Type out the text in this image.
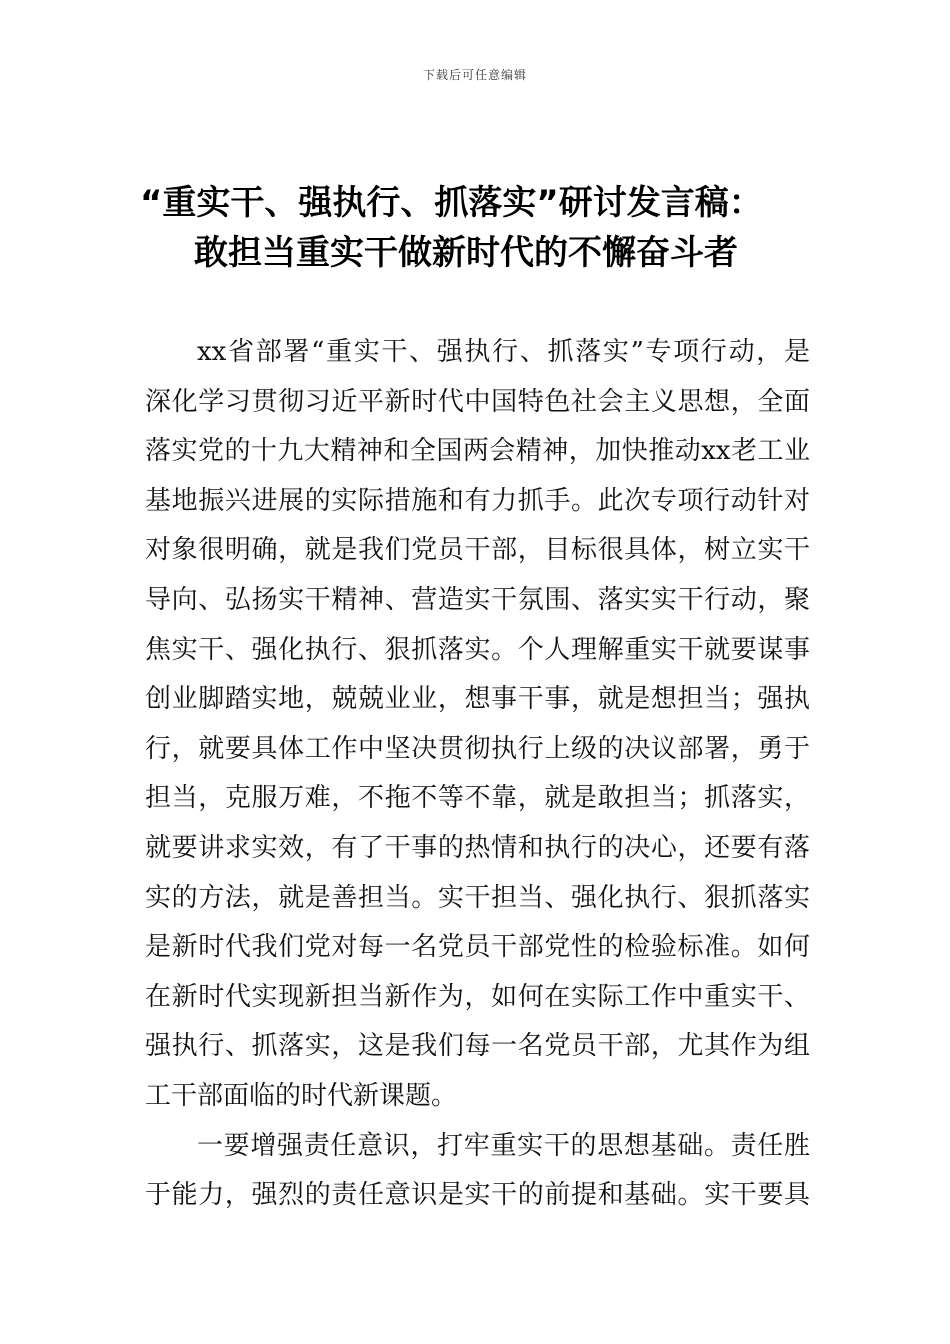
下载后可任意编辑
“重实干、强执行、抓落实”研讨发言稿：
敢担当重实干做新时代的不懈奋斗者
xx省部署“重实干、强执行、抓落实”专项行动，是
深化学习贯彻习近平新时代中国特色社会主义思想，全面
落实党的十九大精神和全国两会精神，加快推动xx老工业
基地振兴进展的实际措施和有力抓手。此次专项行动针对
对象很明确，就是我们党员干部，目标很具体，树立实干
导向、弘扬实干精神、营造实干氛围、落实实干行动，聚
焦实干、强化执行、狠抓落实。个人理解重实干就要谋事
创业脚踏实地，兢兢业业，想事干事，就是想担当；强执
行，就要具体工作中坚决贯彻执行上级的决议部署，勇于
担当，克服万难，不拖不等不靠，就是敢担当；抓落实，
就要讲求实效，有了干事的热情和执行的决心，还要有落
实的方法，就是善担当。实干担当、强化执行、狠抓落实
是新时代我们党对每一名党员干部党性的检验标准。如何
在新时代实现新担当新作为，如何在实际工作中重实干、
强执行、抓落实，这是我们每一名党员干部，尤其作为组
工干部面临的时代新课题。
一要增强责任意识，打牢重实干的思想基础。责任胜
于能力，强烈的责任意识是实干的前提和基础。实干要具
